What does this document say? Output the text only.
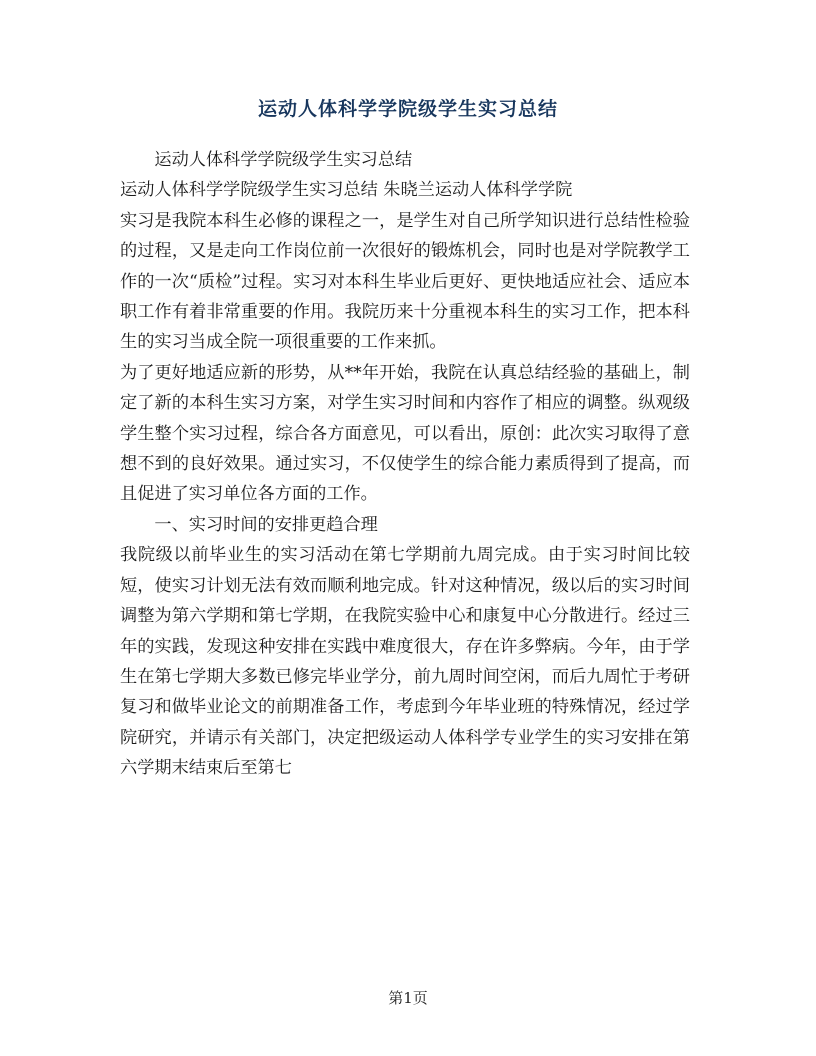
运动人体科学学院级学生实习总结

运动人体科学学院级学生实习总结

运动人体科学学院级学生实习总结 朱晓兰运动人体科学学院

实习是我院本科生必修的课程之一，是学生对自己所学知识进行总结性检验的过程，又是走向工作岗位前一次很好的锻炼机会，同时也是对学院教学工作的一次“质检”过程。实习对本科生毕业后更好、更快地适应社会、适应本职工作有着非常重要的作用。我院历来十分重视本科生的实习工作，把本科生的实习当成全院一项很重要的工作来抓。

为了更好地适应新的形势，从**年开始，我院在认真总结经验的基础上，制定了新的本科生实习方案，对学生实习时间和内容作了相应的调整。纵观级学生整个实习过程，综合各方面意见，可以看出，原创：此次实习取得了意想不到的良好效果。通过实习，不仅使学生的综合能力素质得到了提高，而且促进了实习单位各方面的工作。

一、实习时间的安排更趋合理

我院级以前毕业生的实习活动在第七学期前九周完成。由于实习时间比较短，使实习计划无法有效而顺利地完成。针对这种情况，级以后的实习时间调整为第六学期和第七学期，在我院实验中心和康复中心分散进行。经过三年的实践，发现这种安排在实践中难度很大，存在许多弊病。今年，由于学生在第七学期大多数已修完毕业学分，前九周时间空闲，而后九周忙于考研复习和做毕业论文的前期准备工作，考虑到今年毕业班的特殊情况，经过学院研究，并请示有关部门，决定把级运动人体科学专业学生的实习安排在第六学期末结束后至第七

第1页
